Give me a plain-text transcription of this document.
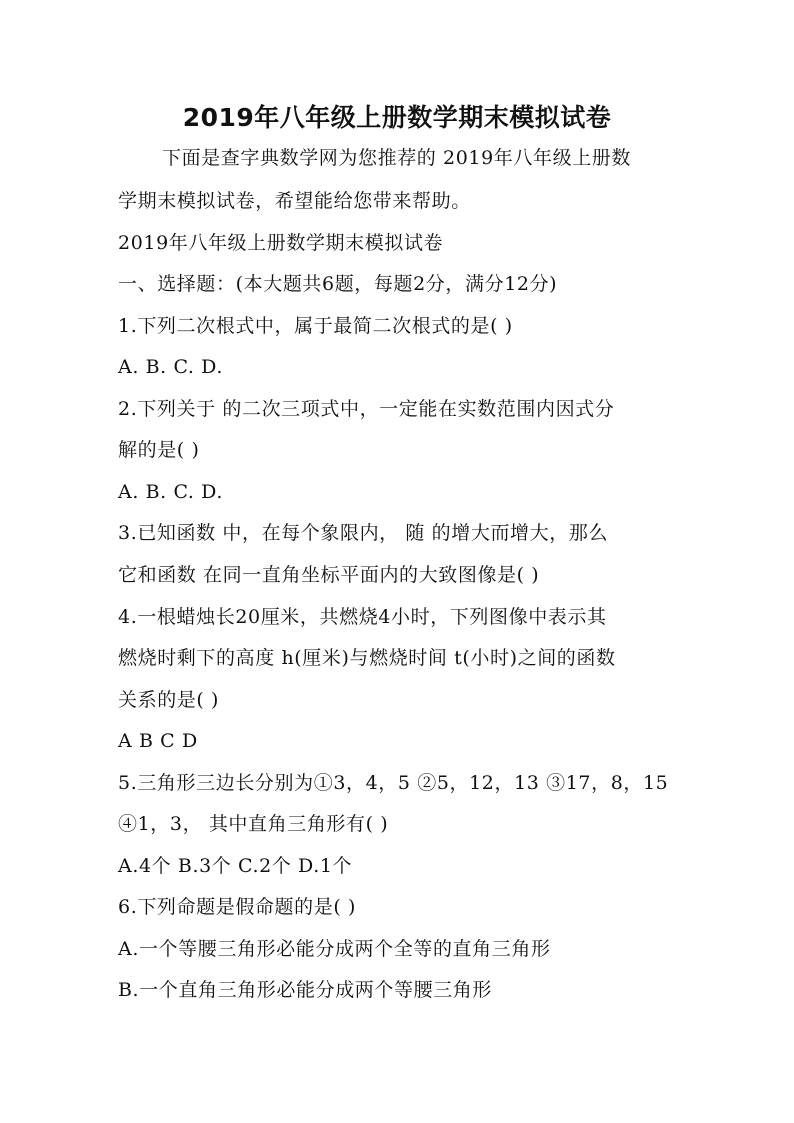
2019年八年级上册数学期末模拟试卷
下面是查字典数学网为您推荐的 2019年八年级上册数
学期末模拟试卷，希望能给您带来帮助。
2019年八年级上册数学期末模拟试卷
一、选择题：(本大题共6题，每题2分，满分12分)
1.下列二次根式中，属于最简二次根式的是( )
A. B. C. D.
2.下列关于 的二次三项式中，一定能在实数范围内因式分
解的是( )
A. B. C. D.
3.已知函数 中，在每个象限内， 随 的增大而增大，那么
它和函数 在同一直角坐标平面内的大致图像是( )
4.一根蜡烛长20厘米，共燃烧4小时，下列图像中表示其
燃烧时剩下的高度 h(厘米)与燃烧时间 t(小时)之间的函数
关系的是( )
A B C D
5.三角形三边长分别为①3，4，5 ②5，12，13 ③17，8，15
④1，3， 其中直角三角形有( )
A.4个 B.3个 C.2个 D.1个
6.下列命题是假命题的是( )
A.一个等腰三角形必能分成两个全等的直角三角形
B.一个直角三角形必能分成两个等腰三角形
